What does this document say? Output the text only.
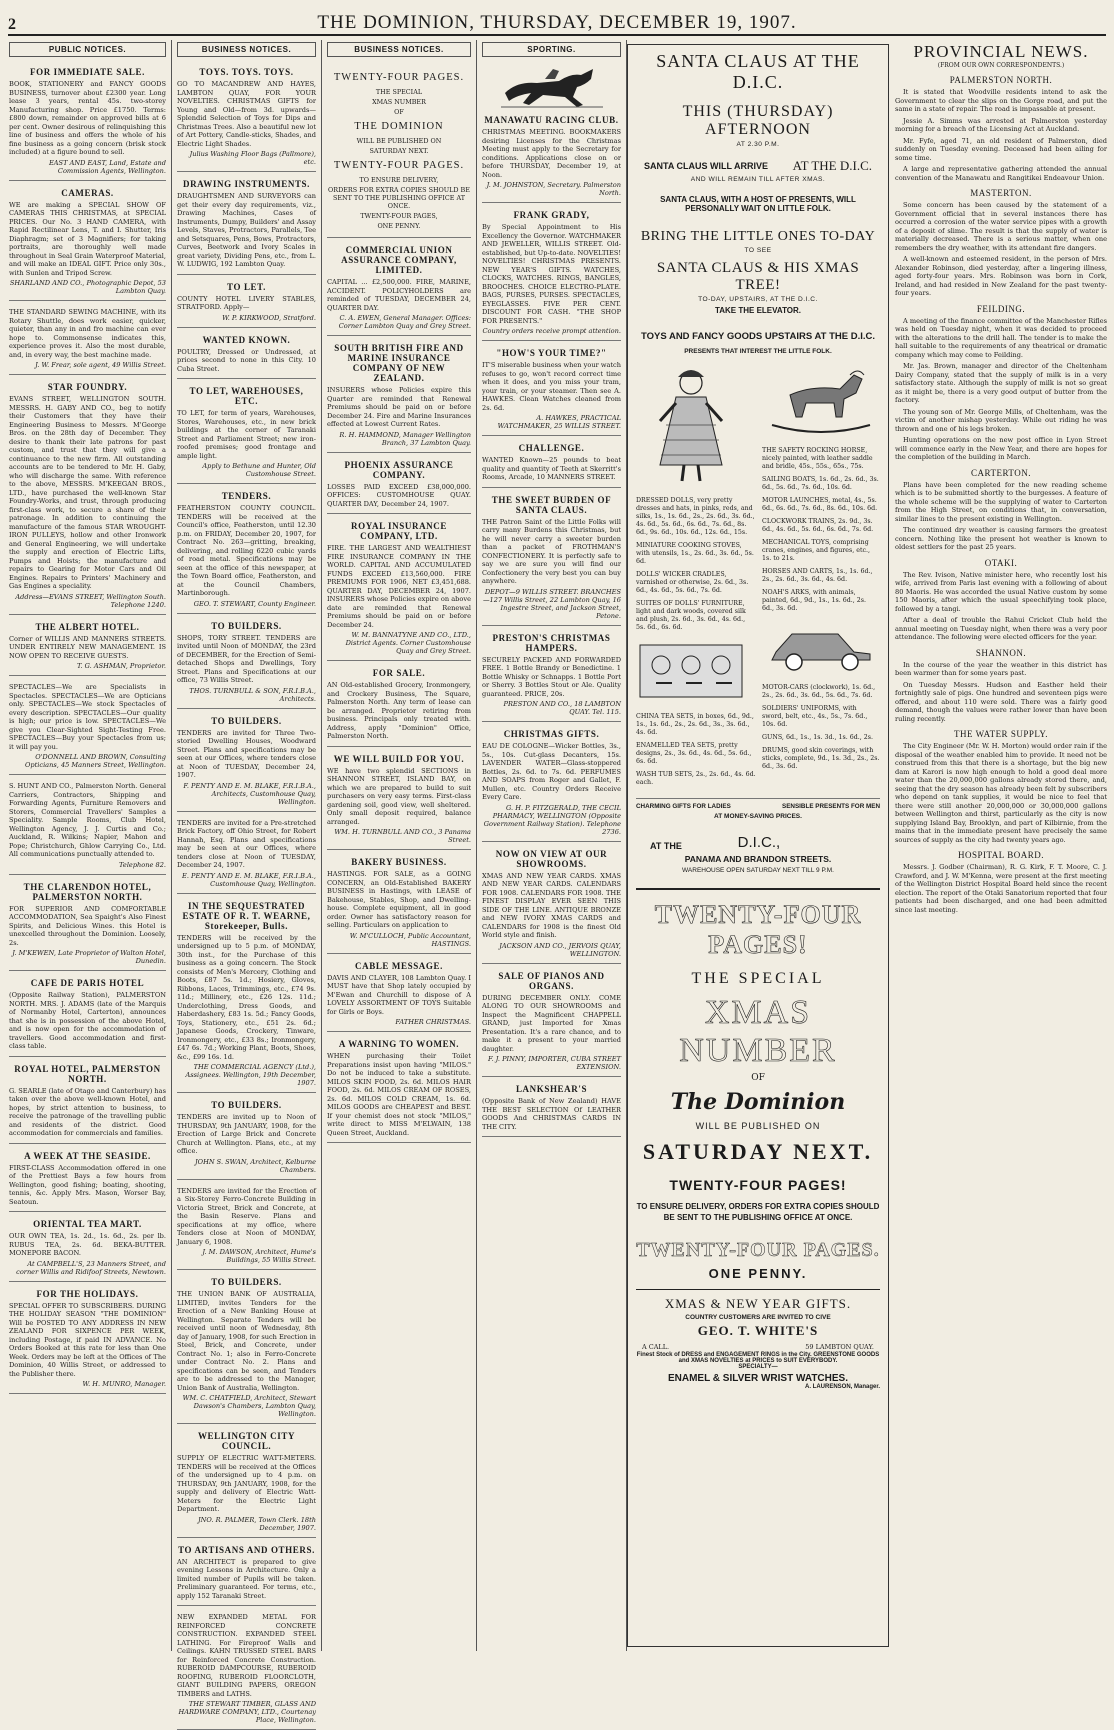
2	THE DOMINION, THURSDAY, DECEMBER 19, 1907.
PUBLIC NOTICES.
FOR IMMEDIATE SALE.
BOOK, STATIONERY and FANCY GOODS BUSINESS, turnover about £2300 year. Long lease 3 years, rental 45s. two-storey Manufacturing shop. Price £1750. Terms: £800 down, remainder on approved bills at 6 per cent. Owner desirous of relinquishing this line of business and offers the whole of his fine business as a going concern (brisk stock included) at a figure bound to sell.
EAST AND EAST, Land, Estate and Commission Agents, Wellington.
CAMERAS.
WE are making a SPECIAL SHOW OF CAMERAS THIS CHRISTMAS, at SPECIAL PRICES. Our No. 3 HAND CAMERA, with Rapid Rectilinear Lens, T. and I. Shutter, Iris Diaphragm; set of 3 Magnifiers; for taking portraits, are thoroughly well made throughout in Seal Grain Waterproof Material, and will make an IDEAL GIFT. Price only 30s., with Sunlen and Tripod Screw.
SHARLAND AND CO., Photographic Depot, 53 Lambton Quay.
THE STANDARD SEWING MACHINE, with its Rotary Shuttle, does work easier, quicker, quieter, than any in and fro machine can ever hope to. Commonsense indicates this, experience proves it. Also the most durable, and, in every way, the best machine made.
J. W. Frear, sole agent, 49 Willis Street.
STAR FOUNDRY.
EVANS STREET, WELLINGTON SOUTH. MESSRS. H. GABY AND CO., beg to notify their Customers that they have their Engineering Business to Messrs. M'George Bros. on the 28th day of December. They desire to thank their late patrons for past custom, and trust that they will give a continuance to the new firm. All outstanding accounts are to be tendered to Mr. H. Gaby, who will discharge the same. With reference to the above, MESSRS. M'KEEGAN BROS., LTD., have purchased the well-known Star Foundry-Works, and trust, through producing first-class work, to secure a share of their patronage. In addition to continuing the manufacture of the famous STAR WROUGHT-IRON PULLEYS, hollow and other Ironwork and General Engineering, we will undertake the supply and erection of Electric Lifts, Pumps and Hoists; the manufacture and repairs to Gearing for Motor Cars and Oil Engines. Repairs to Printers' Machinery and Gas Engines a speciality.
Address—EVANS STREET, Wellington South. Telephone 1240.
THE ALBERT HOTEL.
Corner of WILLIS AND MANNERS STREETS. UNDER ENTIRELY NEW MANAGEMENT. IS NOW OPEN TO RECEIVE GUESTS.
T. G. ASHMAN, Proprietor.
SPECTACLES—We are Specialists in Spectacles. SPECTACLES—We are Opticians only. SPECTACLES—We stock Spectacles of every description. SPECTACLES—Our quality is high; our price is low. SPECTACLES—We give you Clear-Sighted Sight-Testing Free. SPECTACLES—Buy your Spectacles from us; it will pay you.
O'DONNELL AND BROWN, Consulting Opticians, 45 Manners Street, Wellington.
S. HUNT AND CO., Palmerston North. General Carriers, Contractors, Shipping and Forwarding Agents, Furniture Removers and Storers, Commercial Travellers' Samples a Speciality. Sample Rooms, Club Hotel, Wellington Agency, J. J. Curtis and Co.; Auckland, R. Wilkins; Napier, Mahon and Pope; Christchurch, Ghlow Carrying Co., Ltd. All communications punctually attended to.
Telephone 82.
THE CLARENDON HOTEL, PALMERSTON NORTH.
FOR SUPERIOR AND COMFORTABLE ACCOMMODATION, Sea Spaight's Also Finest Spirits, and Delicious Wines. this Hotel is unexcelled throughout the Dominion. Loosely, 2s.
J. M'KEWEN, Late Proprietor of Walton Hotel, Dunedin.
CAFE DE PARIS HOTEL
(Opposite Railway Station), PALMERSTON NORTH. MRS. J. ADAMS (late of the Marquis of Normanby Hotel, Carterton), announces that she is in possession of the above Hotel, and is now open for the accommodation of travellers. Good accommodation and first-class table.
ROYAL HOTEL, PALMERSTON NORTH.
G. SEARLE (late of Otago and Canterbury) has taken over the above well-known Hotel, and hopes, by strict attention to business, to receive the patronage of the travelling public and residents of the district. Good accommodation for commercials and families.
A WEEK AT THE SEASIDE.
FIRST-CLASS Accommodation offered in one of the Prettiest Bays a few hours from Wellington, good fishing; boating, shooting, tennis, &c. Apply Mrs. Mason, Worser Bay, Seatoun.
ORIENTAL TEA MART.
OUR OWN TEA, 1s. 2d., 1s. 6d., 2s. per lb. RUBUS TEA, 2s. 6d. BEKA-BUTTER. MONEPORE BACON.
At CAMPBELL'S, 23 Manners Street, and corner Willis and Ridifoof Streets, Newtown.
FOR THE HOLIDAYS.
SPECIAL OFFER TO SUBSCRIBERS. DURING THE HOLIDAY SEASON "THE DOMINION" Will be POSTED TO ANY ADDRESS IN NEW ZEALAND FOR SIXPENCE PER WEEK, including Postage, if paid IN ADVANCE. No Orders Booked at this rate for less than One Week. Orders may be left at the Offices of The Dominion, 40 Willis Street, or addressed to the Publisher there.
W. H. MUNRO, Manager.
BUSINESS NOTICES.
TOYS. TOYS. TOYS.
GO TO MACANDREW AND HAYES, LAMBTON QUAY, FOR YOUR NOVELTIES. CHRISTMAS GIFTS for Young and Old—from 3d. upwards—Splendid Selection of Toys for Dips and Christmas Trees. Also a beautiful new lot of Art Pottery, Candle-sticks, Shades, and Electric Light Shades.
Julius Washing Floor Bags (Pallmore), etc.
DRAWING INSTRUMENTS.
DRAUGHTSMEN AND SURVEYORS can get their every day requirements, viz., Drawing Machines, Cases of Instruments, Dumpy, Builders' and Assay Levels, Staves, Protractors, Parallels, Tee and Setsquares, Pens, Bows, Protractors, Curves, Beetwork and Ivory Scales in great variety, Dividing Pens, etc., from L. W. LUDWIG, 192 Lambton Quay.
TO LET.
COUNTY HOTEL LIVERY STABLES, STRATFORD. Apply—
W. P. KIRKWOOD, Stratford.
WANTED KNOWN.
POULTRY, Dressed or Undressed, at prices second to none in this City. 10 Cuba Street.
TO LET, WAREHOUSES, ETC.
TO LET, for term of years, Warehouses, Stores, Warehouses, etc., in new brick buildings at the corner of Taranaki Street and Parliament Street; new iron-roofed premises; good frontage and ample light.
Apply to Bethune and Hunter, Old Customhouse Street.
TENDERS.
FEATHERSTON COUNTY COUNCIL. TENDERS will be received at the Council's office, Featherston, until 12.30 p.m. on FRIDAY, December 20, 1907, for Contract No. 263—gritting, breaking, delivering, and rolling 6220 cubic yards of road metal. Specifications may be seen at the office of this newspaper, at the Town Board office, Featherston, and at the Council Chambers, Martinborough.
GEO. T. STEWART, County Engineer.
TO BUILDERS.
SHOPS, TORY STREET. TENDERS are invited until Noon of MONDAY, the 23rd of DECEMBER, for the Erection of Semi-detached Shops and Dwellings, Tory Street. Plans and Specifications at our office, 73 Willis Street.
THOS. TURNBULL & SON, F.R.I.B.A., Architects.
TO BUILDERS.
TENDERS are invited for Three Two-storied Dwelling Houses, Woodward Street. Plans and specifications may be seen at our Offices, where tenders close at Noon of TUESDAY, December 24, 1907.
F. PENTY AND E. M. BLAKE, F.R.I.B.A., Architects, Customhouse Quay, Wellington.
TENDERS are invited for a Pre-stretched Brick Factory, off Ohio Street, for Robert Hannah, Esq. Plans and specifications may be seen at our Offices, where tenders close at Noon of TUESDAY, December 24, 1907.
E. PENTY AND E. M. BLAKE, F.R.I.B.A., Customhouse Quay, Wellington.
IN THE SEQUESTRATED ESTATE OF R. T. WEARNE, Storekeeper, Bulls.
TENDERS will be received by the undersigned up to 5 p.m. of MONDAY, 30th inst., for the Purchase of this business as a going concern. The Stock consists of Men's Mercery, Clothing and Boots, £87 5s. 1d.; Hosiery, Gloves, Ribbons, Laces, Trimmings, etc., £74 9s. 11d.; Millinery, etc., £26 12s. 11d.; Underclothing, Dress Goods, and Haberdashery, £83 1s. 5d.; Fancy Goods, Toys, Stationery, etc., £51 2s. 6d.; Japanese Goods, Crockery, Tinware, Ironmongery, etc., £33 8s.; Ironmongery, £47 6s. 7d.; Working Plant, Boots, Shoes, &c., £99 16s. 1d.
THE COMMERCIAL AGENCY (Ltd.), Assignees. Wellington, 19th December, 1907.
TO BUILDERS.
TENDERS are invited up to Noon of THURSDAY, 9th JANUARY, 1908, for the Erection of Large Brick and Concrete Church at Wellington. Plans, etc., at my office.
JOHN S. SWAN, Architect, Kelburne Chambers.
TENDERS are invited for the Erection of a Six-Storey Ferro-Concrete Building in Victoria Street, Brick and Concrete, at the Basin Reserve. Plans and specifications at my office, where Tenders close at Noon of MONDAY, January 6, 1908.
J. M. DAWSON, Architect, Hume's Buildings, 55 Willis Street.
TO BUILDERS.
THE UNION BANK OF AUSTRALIA, LIMITED, invites Tenders for the Erection of a New Banking House at Wellington. Separate Tenders will be received until noon of Wednesday, 8th day of January, 1908, for such Erection in Steel, Brick, and Concrete, under Contract No. 1; also in Ferro-Concrete under Contract No. 2. Plans and specifications can be seen, and Tenders are to be addressed to the Manager, Union Bank of Australia, Wellington.
WM. C. CHATFIELD, Architect, Stewart Dawson's Chambers, Lambton Quay, Wellington.
WELLINGTON CITY COUNCIL.
SUPPLY OF ELECTRIC WATT-METERS. TENDERS will be received at the Offices of the undersigned up to 4 p.m. on THURSDAY, 9th JANUARY, 1908, for the supply and delivery of Electric Watt-Meters for the Electric Light Department.
JNO. R. PALMER, Town Clerk. 18th December, 1907.
TO ARTISANS AND OTHERS.
AN ARCHITECT is prepared to give evening Lessons in Architecture. Only a limited number of Pupils will be taken. Preliminary guaranteed. For terms, etc., apply 152 Taranaki Street.
NEW EXPANDED METAL FOR REINFORCED CONCRETE CONSTRUCTION. EXPANDED STEEL LATHING. For Fireproof Walls and Ceilings. KAHN TRUSSED STEEL BARS for Reinforced Concrete Construction. RUBEROID DAMPCOURSE, RUBEROID ROOFING, RUBEROID FLOORCLOTH, GIANT BUILDING PAPERS, OREGON TIMBERS and LATHS.
THE STEWART TIMBER, GLASS AND HARDWARE COMPANY, LTD., Courtenay Place, Wellington.
BUSINESS NOTICES.
TWENTY-FOUR PAGES.
THE SPECIAL
XMAS NUMBER
OF
THE DOMINION
WILL BE PUBLISHED ON
SATURDAY NEXT.
TWENTY-FOUR PAGES.
TO ENSURE DELIVERY,
ORDERS FOR EXTRA COPIES SHOULD BE SENT TO THE PUBLISHING OFFICE AT ONCE.
TWENTY-FOUR PAGES,
ONE PENNY.
COMMERCIAL UNION ASSURANCE COMPANY, LIMITED.
CAPITAL ... £2,500,000. FIRE, MARINE, ACCIDENT. POLICYHOLDERS are reminded of TUESDAY, DECEMBER 24, QUARTER DAY.
C. A. EWEN, General Manager. Offices: Corner Lambton Quay and Grey Street.
SOUTH BRITISH FIRE AND MARINE INSURANCE COMPANY OF NEW ZEALAND.
INSURERS whose Policies expire this Quarter are reminded that Renewal Premiums should be paid on or before December 24. Fire and Marine Insurances effected at Lowest Current Rates.
R. H. HAMMOND, Manager Wellington Branch, 37 Lambton Quay.
PHOENIX ASSURANCE COMPANY.
LOSSES PAID EXCEED £38,000,000. OFFICES: CUSTOMHOUSE QUAY. QUARTER DAY, December 24, 1907.
ROYAL INSURANCE COMPANY, LTD.
FIRE. THE LARGEST AND WEALTHIEST FIRE INSURANCE COMPANY IN THE WORLD. CAPITAL AND ACCUMULATED FUNDS EXCEED £13,560,000. FIRE PREMIUMS FOR 1906, NET £3,451,688. QUARTER DAY, DECEMBER 24, 1907. INSURERS whose Policies expire on above date are reminded that Renewal Premiums should be paid on or before December 24.
W. M. BANNATYNE AND CO., LTD., District Agents. Corner Customhouse Quay and Grey Street.
FOR SALE.
AN Old-established Grocery, Ironmongery, and Crockery Business, The Square, Palmerston North. Any term of lease can be arranged. Proprietor retiring from business. Principals only treated with. Address, apply "Dominion" Office, Palmerston North.
WE WILL BUILD FOR YOU.
WE have two splendid SECTIONS in SHANNON STREET, ISLAND BAY, on which we are prepared to build to suit purchasers on very easy terms. First-class gardening soil, good view, well sheltered. Only small deposit required, balance arranged.
WM. H. TURNBULL AND CO., 3 Panama Street.
BAKERY BUSINESS.
HASTINGS. FOR SALE, as a GOING CONCERN, an Old-Established BAKERY BUSINESS in Hastings, with LEASE of Bakehouse, Stables, Shop, and Dwelling-house. Complete equipment, all in good order. Owner has satisfactory reason for selling. Particulars on application to
W. M'CULLOCH, Public Accountant, HASTINGS.
CABLE MESSAGE.
DAVIS AND CLAYER, 108 Lambton Quay. I MUST have that Shop lately occupied by M'Ewan and Churchill to dispose of A LOVELY ASSORTMENT OF TOYS Suitable for Girls or Boys.
FATHER CHRISTMAS.
A WARNING TO WOMEN.
WHEN purchasing their Toilet Preparations insist upon having "MILOS." Do not be induced to take a substitute. MILOS SKIN FOOD, 2s. 6d. MILOS HAIR FOOD, 2s. 6d. MILOS CREAM OF ROSES, 2s. 6d. MILOS COLD CREAM, 1s. 6d. MILOS GOODS are CHEAPEST and BEST. If your chemist does not stock "MILOS," write direct to MISS M'ELWAIN, 138 Queen Street, Auckland.
SPORTING.
MANAWATU RACING CLUB.
CHRISTMAS MEETING. BOOKMAKERS desiring Licenses for the Christmas Meeting must apply to the Secretary for conditions. Applications close on or before THURSDAY, December 19, at Noon.
J. M. JOHNSTON, Secretary. Palmerston North.
FRANK GRADY,
By Special Appointment to His Excellency the Governor. WATCHMAKER AND JEWELLER, WILLIS STREET. Old-established, but Up-to-date. NOVELTIES! NOVELTIES! CHRISTMAS PRESENTS. NEW YEAR'S GIFTS. WATCHES, CLOCKS, WATCHES. RINGS, BANGLES, BROOCHES. CHOICE ELECTRO-PLATE. BAGS, PURSES, PURSES. SPECTACLES, EYEGLASSES. FIVE PER CENT. DISCOUNT FOR CASH. "THE SHOP FOR PRESENTS."
Country orders receive prompt attention.
"HOW'S YOUR TIME?"
IT'S miserable business when your watch refuses to go, won't record correct time when it does, and you miss your tram, your train, or your steamer. Then see A. HAWKES. Clean Watches cleaned from 2s. 6d.
A. HAWKES, PRACTICAL WATCHMAKER, 25 WILLIS STREET.
CHALLENGE.
WANTED Known—25 pounds to beat quality and quantity of Teeth at Skerritt's Rooms, Arcade, 10 MANNERS STREET.
THE SWEET BURDEN OF SANTA CLAUS.
THE Patron Saint of the Little Folks will carry many Burdens this Christmas, but he will never carry a sweeter burden than a packet of FROTHMAN'S CONFECTIONERY. It is perfectly safe to say we are sure you will find our Confectionery the very best you can buy anywhere.
DEPOT—9 WILLIS STREET. BRANCHES—127 Willis Street, 22 Lambton Quay, 16 Ingestre Street, and Jackson Street, Petone.
PRESTON'S CHRISTMAS HAMPERS.
SECURELY PACKED AND FORWARDED FREE. 1 Bottle Brandy or Benedictine. 1 Bottle Whisky or Schnapps. 1 Bottle Port or Sherry. 3 Bottles Stout or Ale. Quality guaranteed. PRICE, 20s.
PRESTON AND CO., 18 LAMBTON QUAY. Tel. 115.
CHRISTMAS GIFTS.
EAU DE COLOGNE—Wicker Bottles, 3s., 5s., 10s. Cut-glass Decanters, 15s. LAVENDER WATER—Glass-stoppered Bottles, 2s. 6d. to 7s. 6d. PERFUMES AND SOAPS from Roger and Gallet, F. Mullen, etc. Country Orders Receive Every Care.
G. H. P. FITZGERALD, THE CECIL PHARMACY, WELLINGTON (Opposite Government Railway Station). Telephone 2736.
NOW ON VIEW AT OUR SHOWROOMS.
XMAS AND NEW YEAR CARDS. XMAS AND NEW YEAR CARDS. CALENDARS FOR 1908. CALENDARS FOR 1908. THE FINEST DISPLAY EVER SEEN THIS SIDE OF THE LINE. ANTIQUE BRONZE and NEW IVORY XMAS CARDS and CALENDARS for 1908 is the finest Old World style and finish.
JACKSON AND CO., JERVOIS QUAY, WELLINGTON.
SALE OF PIANOS AND ORGANS.
DURING DECEMBER ONLY. COME ALONG TO OUR SHOWROOMS and Inspect the Magnificent CHAPPELL GRAND, just Imported for Xmas Presentation. It's a rare chance, and to make it a present to your married daughter.
F. J. PINNY, IMPORTER, CUBA STREET EXTENSION.
LANKSHEAR'S
(Opposite Bank of New Zealand) HAVE THE BEST SELECTION Of LEATHER GOODS And CHRISTMAS CARDS IN THE CITY.
SANTA CLAUS AT THE D.I.C.
THIS (THURSDAY) AFTERNOON
AT 2.30 P.M.
SANTA CLAUS WILL ARRIVE AT THE D.I.C.
AND WILL REMAIN TILL AFTER XMAS.
SANTA CLAUS, WITH A HOST OF PRESENTS, WILL PERSONALLY WAIT ON LITTLE FOLK.
BRING THE LITTLE ONES TO-DAY
TO SEE
SANTA CLAUS & HIS XMAS TREE!
TO-DAY, UPSTAIRS, AT THE D.I.C.
TAKE THE ELEVATOR.
TOYS AND FANCY GOODS UPSTAIRS AT THE D.I.C.
PRESENTS THAT INTEREST THE LITTLE FOLK.
DRESSED DOLLS, very pretty dresses and hats, in pinks, reds, and silks, 1s., 1s. 6d., 2s., 2s. 6d., 3s. 6d., 4s. 6d., 5s. 6d., 6s. 6d., 7s. 6d., 8s. 6d., 9s. 6d., 10s. 6d., 12s. 6d., 15s.
MINIATURE COOKING STOVES, with utensils, 1s., 2s. 6d., 3s. 6d., 5s. 6d.
DOLLS' WICKER CRADLES, varnished or otherwise, 2s. 6d., 3s. 6d., 4s. 6d., 5s. 6d., 7s. 6d.
SUITES OF DOLLS' FURNITURE, light and dark woods, covered silk and plush, 2s. 6d., 3s. 6d., 4s. 6d., 5s. 6d., 6s. 6d.
CHINA TEA SETS, in boxes, 6d., 9d., 1s., 1s. 6d., 2s., 2s. 6d., 3s., 3s. 6d., 4s. 6d.
ENAMELLED TEA SETS, pretty designs, 2s., 3s. 6d., 4s. 6d., 5s. 6d., 6s. 6d.
WASH TUB SETS, 2s., 2s. 6d., 4s. 6d. each.
THE SAFETY ROCKING HORSE, nicely painted, with leather saddle and bridle, 45s., 55s., 65s., 75s.
SAILING BOATS, 1s. 6d., 2s. 6d., 3s. 6d., 5s. 6d., 7s. 6d., 10s. 6d.
MOTOR LAUNCHES, metal, 4s., 5s. 6d., 6s. 6d., 7s. 6d., 8s. 6d., 10s. 6d.
CLOCKWORK TRAINS, 2s. 9d., 3s. 6d., 4s. 6d., 5s. 6d., 6s. 6d., 7s. 6d.
MECHANICAL TOYS, comprising cranes, engines, and figures, etc., 1s. to 21s.
HORSES AND CARTS, 1s., 1s. 6d., 2s., 2s. 6d., 3s. 6d., 4s. 6d.
NOAH'S ARKS, with animals, painted, 6d., 9d., 1s., 1s. 6d., 2s. 6d., 3s. 6d.
MOTOR-CARS (clockwork), 1s. 6d., 2s., 2s. 6d., 3s. 6d., 5s. 6d., 7s. 6d.
SOLDIERS' UNIFORMS, with sword, belt, etc., 4s., 5s., 7s. 6d., 10s. 6d.
GUNS, 6d., 1s., 1s. 3d., 1s. 6d., 2s.
DRUMS, good skin coverings, with sticks, complete, 9d., 1s. 3d., 2s., 2s. 6d., 3s. 6d.
CHARMING GIFTS FOR LADIES	SENSIBLE PRESENTS FOR MEN
AT MONEY-SAVING PRICES.
AT THE	D.I.C.,
PANAMA AND BRANDON STREETS.
WAREHOUSE OPEN SATURDAY NEXT TILL 9 P.M.
TWENTY-FOUR PAGES!
THE SPECIAL
XMAS NUMBER
OF
The Dominion
WILL BE PUBLISHED ON
SATURDAY NEXT.
TWENTY-FOUR PAGES!
TO ENSURE DELIVERY, ORDERS FOR EXTRA COPIES SHOULD BE SENT TO THE PUBLISHING OFFICE AT ONCE.
TWENTY-FOUR PAGES.
ONE PENNY.
XMAS & NEW YEAR GIFTS.
COUNTRY CUSTOMERS ARE INVITED TO CIVE
GEO. T. WHITE'S
A CALL.	59 LAMBTON QUAY.
Finest Stock of DRESS and ENGAGEMENT RINGS in the City. GREENSTONE GOODS and XMAS NOVELTIES at PRICES to SUIT EVERYBODY.
SPECIALTY—
ENAMEL & SILVER WRIST WATCHES.
A. LAURENSON, Manager.
PROVINCIAL NEWS.
(FROM OUR OWN CORRESPONDENTS.)
PALMERSTON NORTH.

It is stated that Woodville residents intend to ask the Government to clear the slips on the Gorge road, and put the same in a state of repair. The road is impassable at present.

Jessie A. Simms was arrested at Palmerston yesterday morning for a breach of the Licensing Act at Auckland.

Mr. Fyfe, aged 71, an old resident of Palmerston, died suddenly on Tuesday evening. Deceased had been ailing for some time.

A large and representative gathering attended the annual convention of the Manawatu and Rangitikei Endeavour Union.

MASTERTON.

Some concern has been caused by the statement of a Government official that in several instances there has occurred a corrosion of the water service pipes with a growth of a deposit of slime. The result is that the supply of water is materially decreased. There is a serious matter, when one remembers the dry weather, with its attendant fire dangers.

A well-known and esteemed resident, in the person of Mrs. Alexander Robinson, died yesterday, after a lingering illness, aged forty-four years. Mrs. Robinson was born in Cork, Ireland, and had resided in New Zealand for the past twenty-four years.

FEILDING.

A meeting of the finance committee of the Manchester Rifles was held on Tuesday night, when it was decided to proceed with the alterations to the drill hall. The tender is to make the hall suitable to the requirements of any theatrical or dramatic company which may come to Feilding.

Mr. Jas. Brown, manager and director of the Cheltenham Dairy Company, stated that the supply of milk is in a very satisfactory state. Although the supply of milk is not so great as it might be, there is a very good output of butter from the factory.

The young son of Mr. George Mills, of Cheltenham, was the victim of another mishap yesterday. While out riding he was thrown and one of his legs broken.

Hunting operations on the new post office in Lyon Street will commence early in the New Year, and there are hopes for the completion of the building in March.

CARTERTON.

Plans have been completed for the new reading scheme which is to be submitted shortly to the burgesses. A feature of the whole scheme will be the supplying of water to Carterton from the High Street, on conditions that, in conversation, similar lines to the present existing in Wellington.

The continued dry weather is causing farmers the greatest concern. Nothing like the present hot weather is known to oldest settlers for the past 25 years.

OTAKI.

The Rev. Ivison, Native minister here, who recently lost his wife, arrived from Paris last evening with a following of about 80 Maoris. He was accorded the usual Native custom by some 150 Maoris, after which the usual speechifying took place, followed by a tangi.

After a deal of trouble the Rahui Cricket Club held the annual meeting on Tuesday night, when there was a very poor attendance. The following were elected officers for the year.

SHANNON.

In the course of the year the weather in this district has been warmer than for some years past.

On Tuesday Messrs. Hudson and Easther held their fortnightly sale of pigs. One hundred and seventeen pigs were offered, and about 110 were sold. There was a fairly good demand, though the values were rather lower than have been ruling recently.

THE WATER SUPPLY.

The City Engineer (Mr. W. H. Morton) would order rain if the disposal of the weather enabled him to provide. It need not be construed from this that there is a shortage, but the big new dam at Karori is now high enough to hold a good deal more water than the 20,000,000 gallons already stored there, and, seeing that the dry season has already been felt by subscribers who depend on tank supplies, it would be nice to feel that there were still another 20,000,000 or 30,000,000 gallons between Wellington and thirst, particularly as the city is now supplying Island Bay, Brooklyn, and part of Kilbirnie, from the mains that in the immediate present have precisely the same sources of supply as the city had twenty years ago.

HOSPITAL BOARD.

Messrs. J. Godber (Chairman), R. G. Kirk, F. T. Moore, C. J. Crawford, and J. W. M'Kenna, were present at the first meeting of the Wellington District Hospital Board held since the recent election. The report of the Otaki Sanatorium reported that four patients had been discharged, and one had been admitted since last meeting.
